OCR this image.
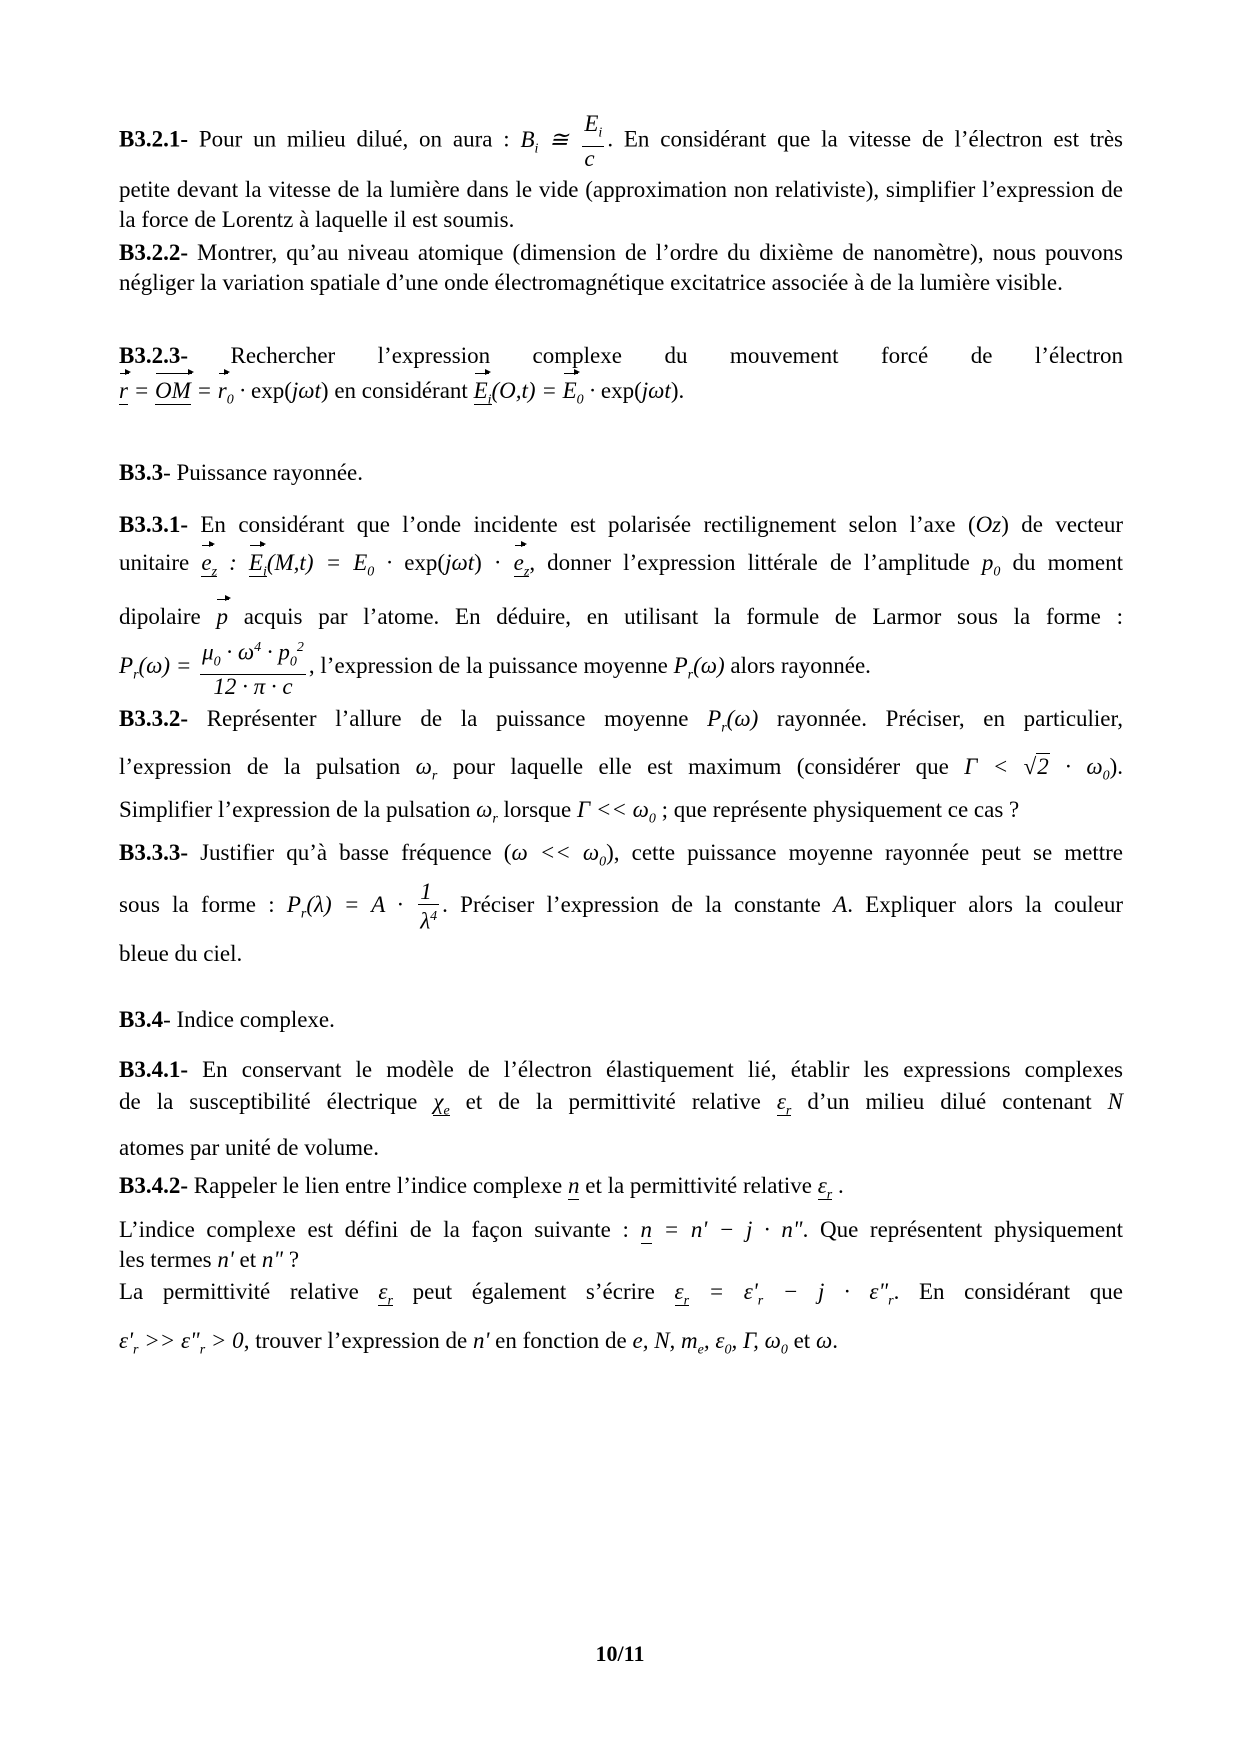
B3.2.1- Pour un milieu dilué, on aura : $B_i$ ≅ $\frac{E_i}{c}$ . En considérant que la vitesse de l’électron est très

petite devant la vitesse de la lumière dans le vide (approximation non relativiste), simplifier l’expression de la force de Lorentz à laquelle il est soumis.

B3.2.2- Montrer, qu’au niveau atomique (dimension de l’ordre du dixième de nanomètre), nous pouvons négliger la variation spatiale d’une onde électromagnétique excitatrice associée à de la lumière visible.

B3.2.3- Rechercher l’expression complexe du mouvement forcé de l’électron

r = OM = $r_0 \cdot \exp(j\omega t)$ en considérant $E_i(O,t) = E_0 \cdot \exp(j\omega t)$.

B3.3- Puissance rayonnée.

B3.3.1- En considérant que l’onde incidente est polarisée rectilignement selon l’axe (Oz) de vecteur

unitaire $e_z$ : $E_i(M,t) = E_0 \cdot \exp(j\omega t) \cdot e_z$, donner l’expression littérale de l’amplitude $p_0$ du moment

dipolaire p acquis par l’atome. En déduire, en utilisant la formule de Larmor sous la forme :

$P_r(\omega) = \frac{\mu_0 \cdot \omega^4 \cdot p_0^2}{12 \cdot \pi \cdot c}$ , l’expression de la puissance moyenne $P_r(\omega)$ alors rayonnée.

B3.3.2- Représenter l’allure de la puissance moyenne $P_r(\omega)$ rayonnée. Préciser, en particulier,

l’expression de la pulsation $\omega_r$ pour laquelle elle est maximum (considérer que $\Gamma < √2 \cdot \omega_0$).

Simplifier l’expression de la pulsation $\omega_r$ lorsque $\Gamma << \omega_0$ ; que représente physiquement ce cas ?

B3.3.3- Justifier qu’à basse fréquence $(\omega << \omega_0)$, cette puissance moyenne rayonnée peut se mettre

sous la forme : $P_r(\lambda) = A \cdot \frac{1}{\lambda^4}$ . Préciser l’expression de la constante A. Expliquer alors la couleur

bleue du ciel.

B3.4- Indice complexe.

B3.4.1- En conservant le modèle de l’électron élastiquement lié, établir les expressions complexes

de la susceptibilité électrique $\chi_e$ et de la permittivité relative $\varepsilon_r$ d’un milieu dilué contenant N

atomes par unité de volume.

B3.4.2- Rappeler le lien entre l’indice complexe n et la permittivité relative $\varepsilon_r$ .

L’indice complexe est défini de la façon suivante : n = n' − j · n". Que représentent physiquement

les termes n' et n" ?

La permittivité relative $\varepsilon_r$ peut également s’écrire $\varepsilon_r = \varepsilon'_r - j$ · $\varepsilon"_r$. En considérant que

$\varepsilon'_r$ >> $\varepsilon"_r > 0$, trouver l’expression de n' en fonction de e, N, $m_e$, $\varepsilon_0$, Γ, $\omega_0$ et ω.

10/11
